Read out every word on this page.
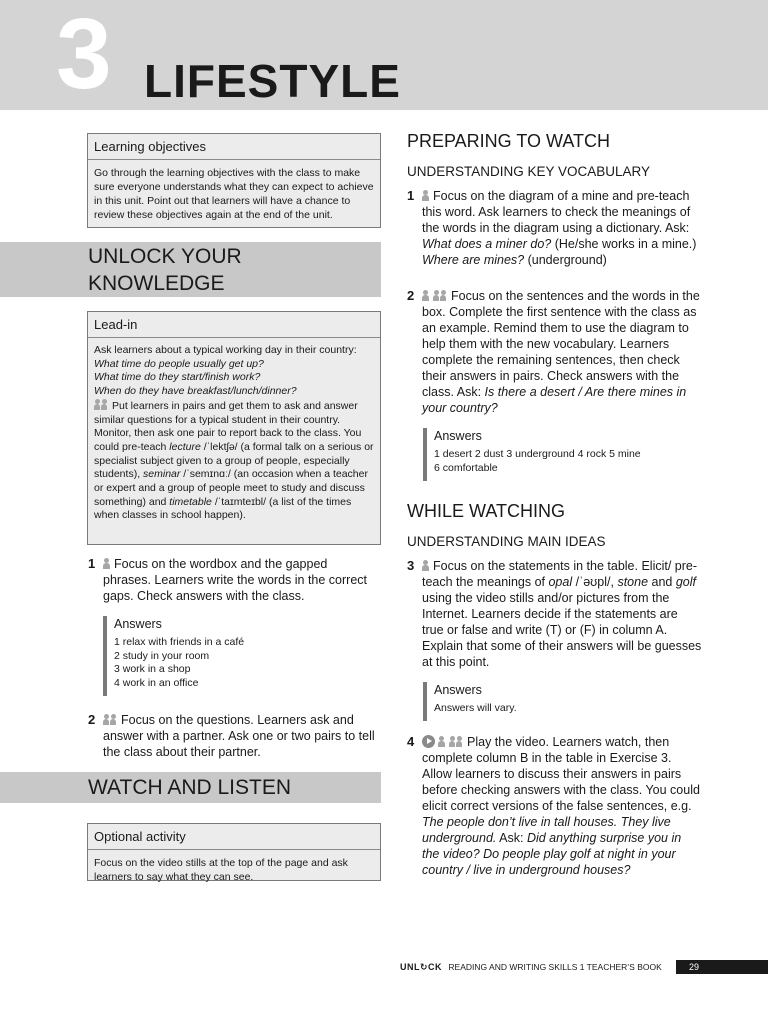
3 LIFESTYLE
Learning objectives

Go through the learning objectives with the class to make sure everyone understands what they can expect to achieve in this unit. Point out that learners will have a chance to review these objectives again at the end of the unit.

UNLOCK YOUR
KNOWLEDGE
Lead-in

Ask learners about a typical working day in their country:

What time do people usually get up?

What time do they start/finish work?

When do they have breakfast/lunch/dinner?

Put learners in pairs and get them to ask and answer similar questions for a typical student in their country. Monitor, then ask one pair to report back to the class. You could pre-teach lecture /ˈlektʃə/ (a formal talk on a serious or specialist subject given to a group of people, especially students), seminar /ˈsemɪnɑː/ (an occasion when a teacher or expert and a group of people meet to study and discuss something) and timetable /ˈtaɪmteɪbl/ (a list of the times when classes in school happen).

1	Focus on the wordbox and the gapped phrases. Learners write the words in the correct gaps. Check answers with the class.
Answers
1 relax with friends in a café
2 study in your room
3 work in a shop
4 work in an office
2	Focus on the questions. Learners ask and answer with a partner. Ask one or two pairs to tell the class about their partner.
WATCH AND LISTEN
Optional activity

Focus on the video stills at the top of the page and ask learners to say what they can see.

PREPARING TO WATCH
UNDERSTANDING KEY VOCABULARY
1	Focus on the diagram of a mine and pre-teach this word. Ask learners to check the meanings of the words in the diagram using a dictionary. Ask: What does a miner do? (He/she works in a mine.) Where are mines? (underground)
2	Focus on the sentences and the words in the box. Complete the first sentence with the class as an example. Remind them to use the diagram to help them with the new vocabulary. Learners complete the remaining sentences, then check their answers in pairs. Check answers with the class. Ask: Is there a desert / Are there mines in your country?
Answers
1 desert 2 dust 3 underground 4 rock 5 mine
6 comfortable
WHILE WATCHING
UNDERSTANDING MAIN IDEAS
3	Focus on the statements in the table. Elicit/ pre-teach the meanings of opal /ˈəʊpl/, stone and golf using the video stills and/or pictures from the Internet. Learners decide if the statements are true or false and write (T) or (F) in column A. Explain that some of their answers will be guesses at this point.
Answers
Answers will vary.
4	Play the video. Learners watch, then complete column B in the table in Exercise 3. Allow learners to discuss their answers in pairs before checking answers with the class. You could elicit correct versions of the false sentences, e.g. The people don’t live in tall houses. They live underground. Ask: Did anything surprise you in the video? Do people play golf at night in your country / live in underground houses?
UNL↻CK READING AND WRITING SKILLS 1 TEACHER’S BOOK	29
